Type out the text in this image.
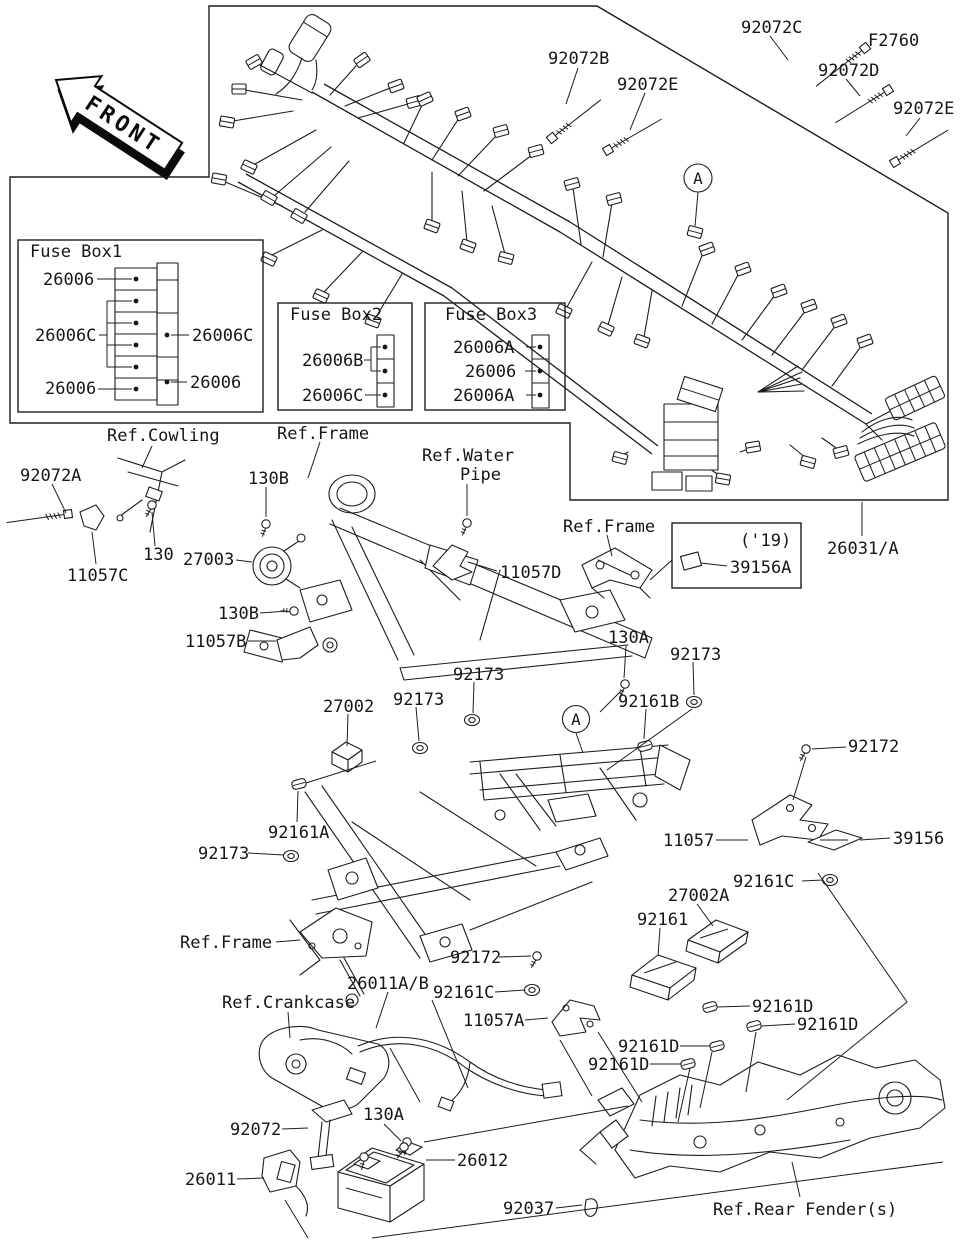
FRONT
Fuse Box1
26006
26006C
26006
26006C
26006
Fuse Box2
26006B
26006C
Fuse Box3
26006A
26006
26006A
('19)
39156A
A
A
92072B
92072E
92072C
F2760
92072D
92072E
92072A
130
11057C
27003
130B
130B
11057B
11057D
26031/A
130A
92173
92173
92173
92173
27002
92161A
92161B
92172
11057	39156
92161C
27002A
92161
92172
92161C
11057A
26011A/B
92161D
92161D
92161D
92161D
92072
130A
26012
26011
92037
Ref.Cowling	Ref.Frame
Ref.Water
Pipe
Ref.Frame
Ref.Frame
Ref.Crankcase
Ref.Rear Fender(s)
